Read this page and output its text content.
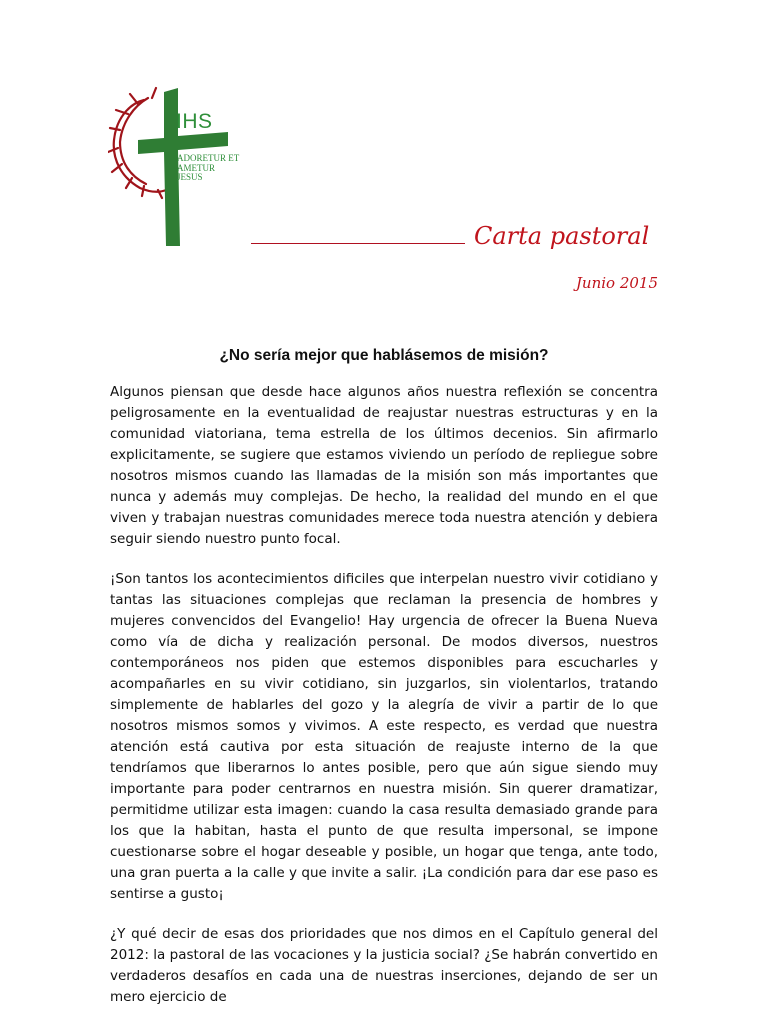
IHS
ADORETUR ET
AMETUR
JESUS
Carta pastoral
Junio 2015
¿No sería mejor que hablásemos de misión?

Algunos piensan que desde hace algunos años nuestra reflexión se concentra peligrosamente en la eventualidad de reajustar nuestras estructuras y en la comunidad viatoriana, tema estrella de los últimos decenios. Sin afirmarlo explicitamente, se sugiere que estamos viviendo un período de repliegue sobre nosotros mismos cuando las llamadas de la misión son más importantes que nunca y además muy complejas. De hecho, la realidad del mundo en el que viven y trabajan nuestras comunidades merece toda nuestra atención y debiera seguir siendo nuestro punto focal.

¡Son tantos los acontecimientos dificiles que interpelan nuestro vivir cotidiano y tantas las situaciones complejas que reclaman la presencia de hombres y mujeres convencidos del Evangelio! Hay urgencia de ofrecer la Buena Nueva como vía de dicha y realización personal. De modos diversos, nuestros contemporáneos nos piden que estemos disponibles para escucharles y acompañarles en su vivir cotidiano, sin juzgarlos, sin violentarlos, tratando simplemente de hablarles del gozo y la alegría de vivir a partir de lo que nosotros mismos somos y vivimos. A este respecto, es verdad que nuestra atención está cautiva por esta situación de reajuste interno de la que tendríamos que liberarnos lo antes posible, pero que aún sigue siendo muy importante para poder centrarnos en nuestra misión. Sin querer dramatizar, permitidme utilizar esta imagen: cuando la casa resulta demasiado grande para los que la habitan, hasta el punto de que resulta impersonal, se impone cuestionarse sobre el hogar deseable y posible, un hogar que tenga, ante todo, una gran puerta a la calle y que invite a salir. ¡La condición para dar ese paso es sentirse a gusto¡

¿Y qué decir de esas dos prioridades que nos dimos en el Capítulo general del 2012: la pastoral de las vocaciones y la justicia social? ¿Se habrán convertido en verdaderos desafíos en cada una de nuestras inserciones, dejando de ser un mero ejercicio de
